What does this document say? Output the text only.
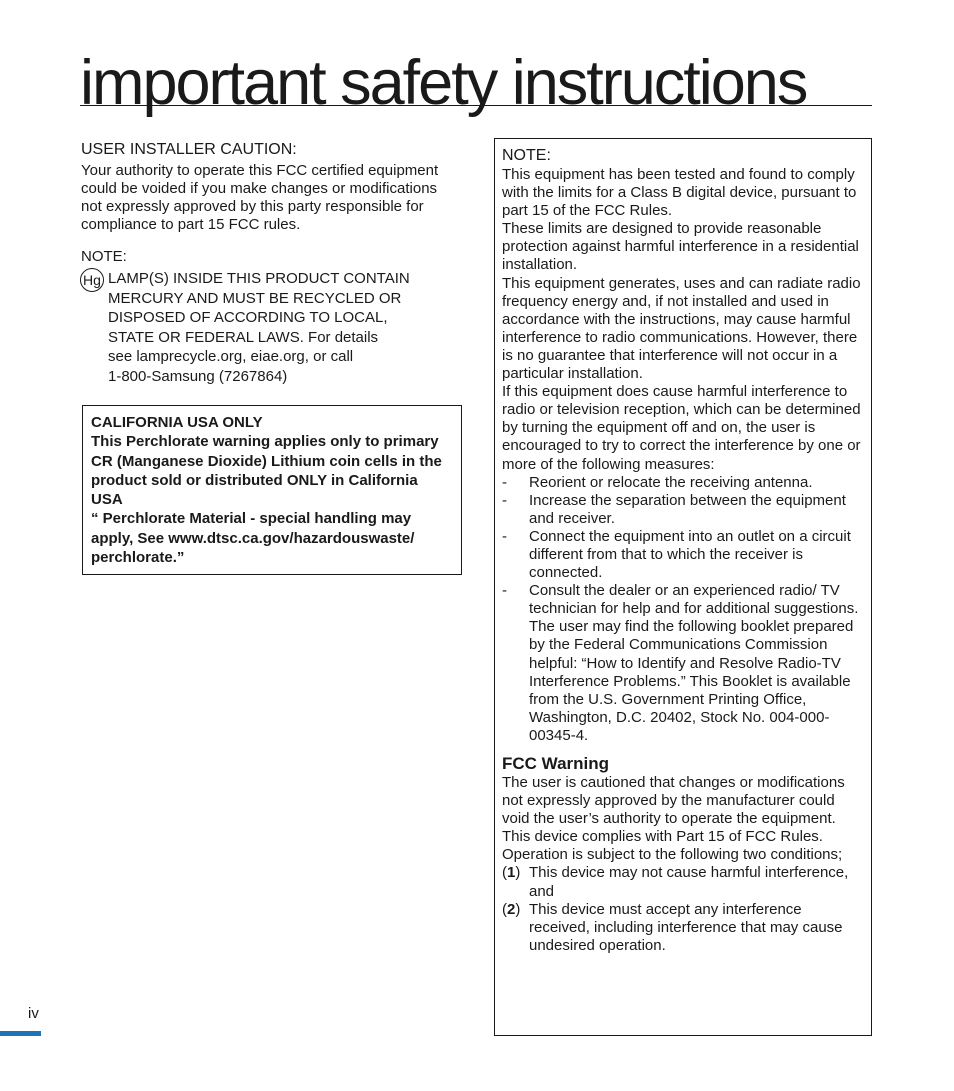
important safety instructions

USER INSTALLER CAUTION:

Your authority to operate this FCC certified equipment could be voided if you make changes or modifications not expressly approved by this party responsible for compliance to part 15 FCC rules.

NOTE:

Hg LAMP(S) INSIDE THIS PRODUCT CONTAIN
MERCURY AND MUST BE RECYCLED OR
DISPOSED OF ACCORDING TO LOCAL,
STATE OR FEDERAL LAWS. For details
see lamprecycle.org, eiae.org, or call
1-800-Samsung (7267864)
CALIFORNIA USA ONLY
This Perchlorate warning applies only to primary CR (Manganese Dioxide) Lithium coin cells in the product sold or distributed ONLY in California USA
“ Perchlorate Material - special handling may apply, See www.dtsc.ca.gov/hazardouswaste/ perchlorate.”

NOTE:

This equipment has been tested and found to comply with the limits for a Class B digital device, pursuant to part 15 of the FCC Rules.

These limits are designed to provide reasonable protection against harmful interference in a residential installation.

This equipment generates, uses and can radiate radio frequency energy and, if not installed and used in accordance with the instructions, may cause harmful interference to radio communications. However, there is no guarantee that interference will not occur in a particular installation.

If this equipment does cause harmful interference to radio or television reception, which can be determined by turning the equipment off and on, the user is encouraged to try to correct the interference by one or more of the following measures:

- Reorient or relocate the receiving antenna.
- Increase the separation between the equipment and receiver.
- Connect the equipment into an outlet on a circuit different from that to which the receiver is connected.
- Consult the dealer or an experienced radio/ TV technician for help and for additional suggestions. The user may find the following booklet prepared by the Federal Communications Commission helpful: “How to Identify and Resolve Radio-TV Interference Problems.” This Booklet is available from the U.S. Government Printing Office, Washington, D.C. 20402, Stock No. 004-000-00345-4.

FCC Warning

The user is cautioned that changes or modifications not expressly approved by the manufacturer could void the user’s authority to operate the equipment.

This device complies with Part 15 of FCC Rules. Operation is subject to the following two conditions;

(1) This device may not cause harmful interference, and
(2) This device must accept any interference received, including interference that may cause undesired operation.
iv
